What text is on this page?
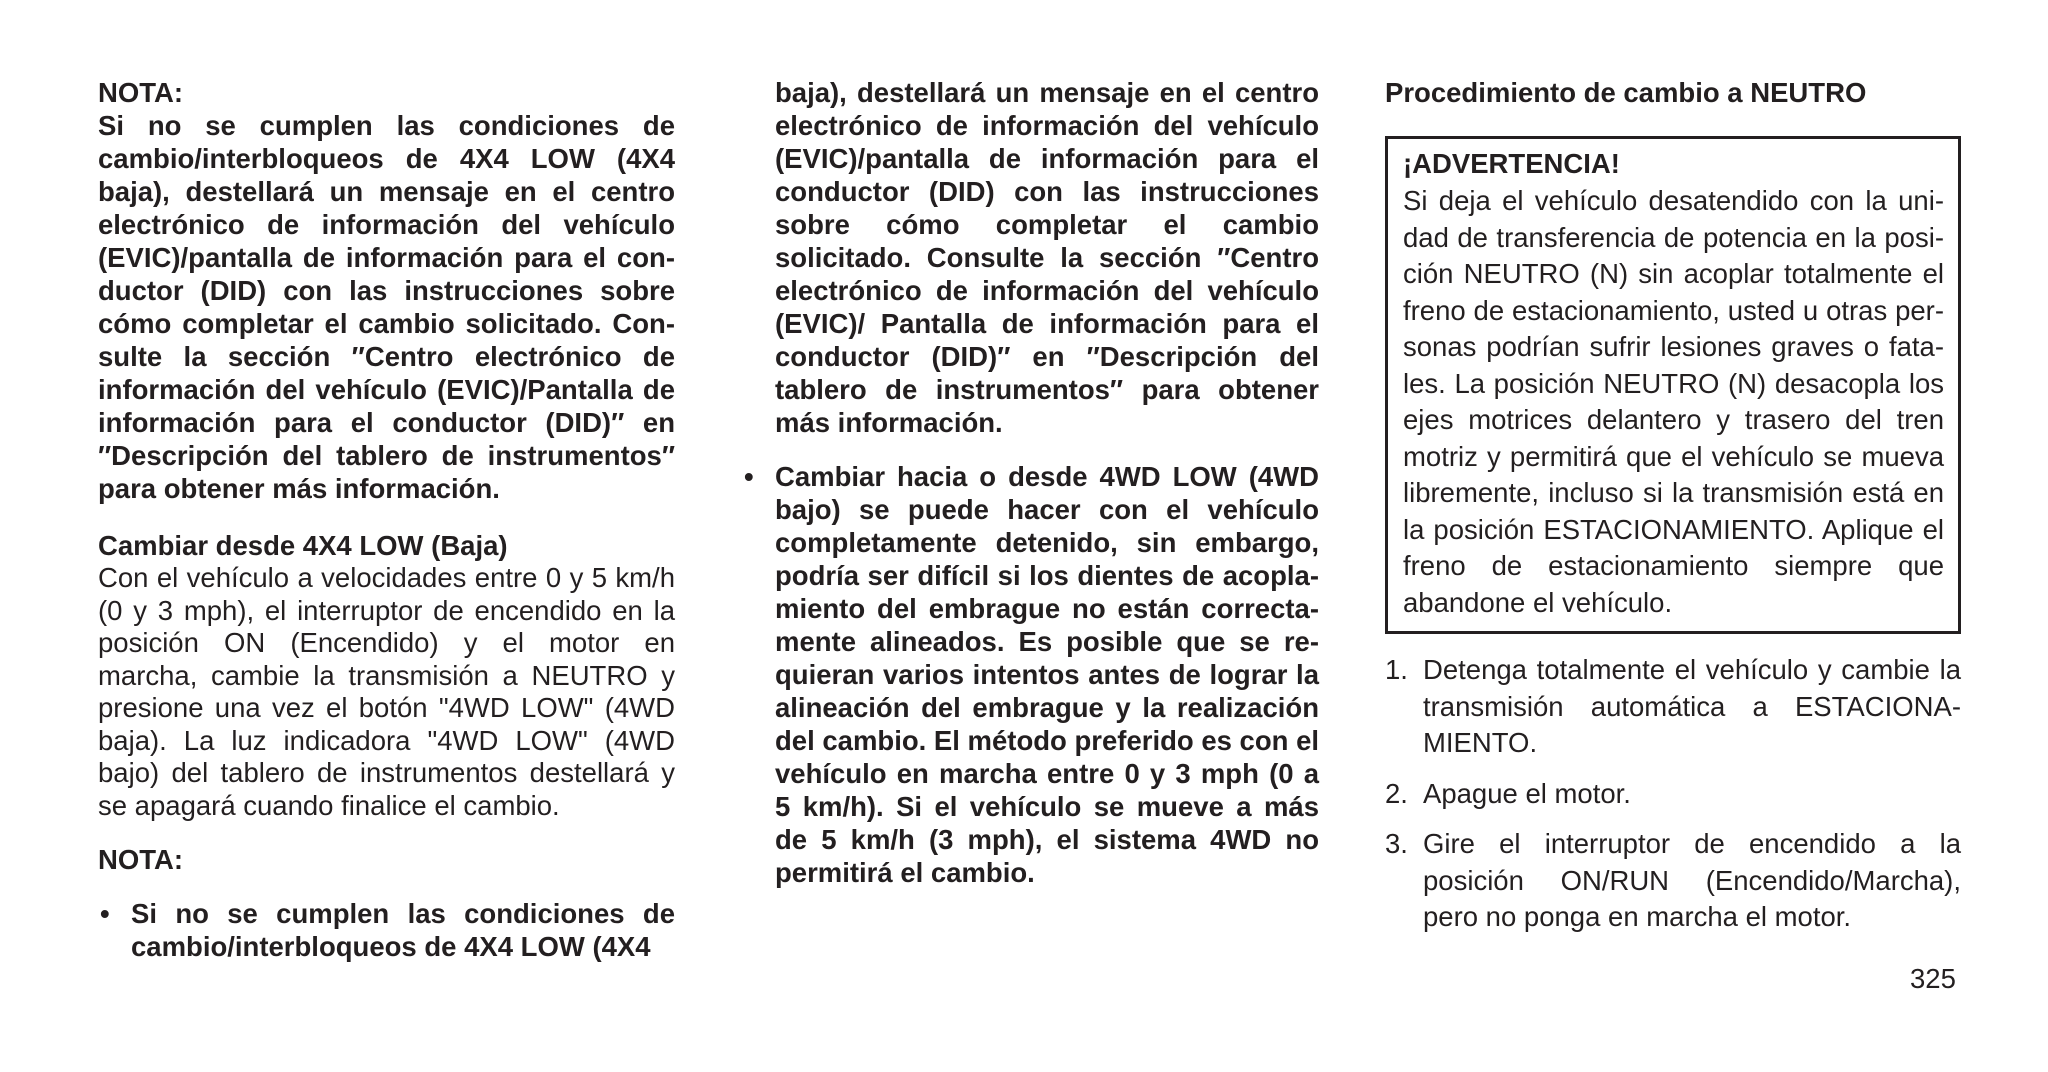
NOTA:

Si no se cumplen las condiciones de cambio/interbloqueos de 4X4 LOW (4X4 baja), destellará un mensaje en el centro electrónico de información del vehículo (EVIC)/pantalla de información para el conductor (DID) con las instrucciones sobre cómo completar el cambio solicitado. Consulte la sección ″Centro electrónico de información del vehículo (EVIC)/Pantalla de información para el conductor (DID)″ en ″Descripción del tablero de instrumentos″ para obtener más información.

Cambiar desde 4X4 LOW (Baja)

Con el vehículo a velocidades entre 0 y 5 km/h (0 y 3 mph), el interruptor de encendido en la posición ON (Encendido) y el motor en marcha, cambie la transmisión a NEUTRO y presione una vez el botón "4WD LOW" (4WD baja). La luz indicadora "4WD LOW" (4WD bajo) del tablero de instrumentos destellará y se apagará cuando finalice el cambio.

NOTA:
• Si no se cumplen las condiciones de cambio/interbloqueos de 4X4 LOW (4X4

baja), destellará un mensaje en el centro electrónico de información del vehículo (EVIC)/pantalla de información para el conductor (DID) con las instrucciones sobre cómo completar el cambio solicitado. Consulte la sección ″Centro electrónico de información del vehículo (EVIC)/ Pantalla de información para el conductor (DID)″ en ″Descripción del tablero de instrumentos″ para obtener más información.

• Cambiar hacia o desde 4WD LOW (4WD bajo) se puede hacer con el vehículo completamente detenido, sin embargo, podría ser difícil si los dientes de acoplamiento del embrague no están correctamente alineados. Es posible que se requieran varios intentos antes de lograr la alineación del embrague y la realización del cambio. El método preferido es con el vehículo en marcha entre 0 y 3 mph (0 a 5 km/h). Si el vehículo se mueve a más de 5 km/h (3 mph), el sistema 4WD no permitirá el cambio.
Procedimiento de cambio a NEUTRO
¡ADVERTENCIA!

Si deja el vehículo desatendido con la unidad de transferencia de potencia en la posición NEUTRO (N) sin acoplar totalmente el freno de estacionamiento, usted u otras personas podrían sufrir lesiones graves o fatales. La posición NEUTRO (N) desacopla los ejes motrices delantero y trasero del tren motriz y permitirá que el vehículo se mueva libremente, incluso si la transmisión está en la posición ESTACIONAMIENTO. Aplique el freno de estacionamiento siempre que abandone el vehículo.

1. Detenga totalmente el vehículo y cambie la transmisión automática a ESTACIONAMIENTO.
2. Apague el motor.
3. Gire el interruptor de encendido a la posición ON/RUN (Encendido/Marcha), pero no ponga en marcha el motor.
325
